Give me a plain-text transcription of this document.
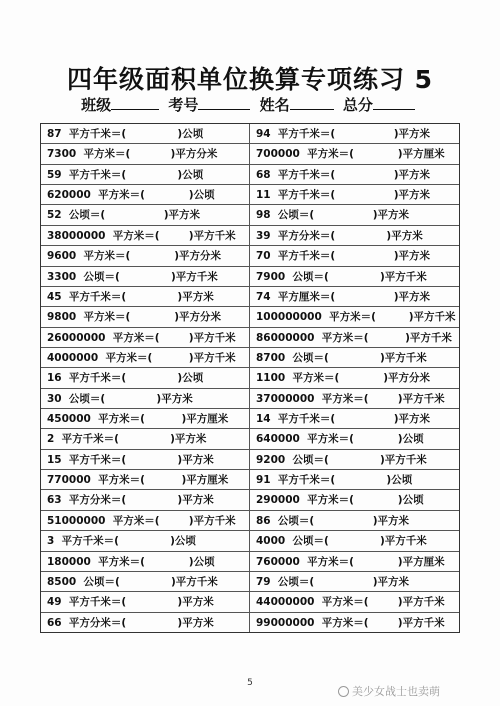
四年级面积单位换算专项练习 5
班级	考号	姓名	总分
87  平方千米＝(              )公顷	94  平方千米＝(                )平方米
7300  平方米＝(           )平方分米	700000  平方米＝(            )平方厘米
59  平方千米＝(              )公顷	68  平方千米＝(                )平方米
620000  平方米＝(            )公顷	11  平方千米＝(                )平方米
52  公顷＝(                )平方米	98  公顷＝(                )平方米
38000000  平方米＝(        )平方千米	39  平方分米＝(              )平方米
9600  平方米＝(            )平方分米	70  平方千米＝(                )平方米
3300  公顷＝(              )平方千米	7900  公顷＝(              )平方千米
45  平方千米＝(              )平方米	74  平方厘米＝(                )平方米
9800  平方米＝(            )平方分米	100000000  平方米＝(         )平方千米
26000000  平方米＝(        )平方千米	86000000  平方米＝(          )平方千米
4000000  平方米＝(          )平方千米	8700  公顷＝(              )平方千米
16  平方千米＝(              )公顷	1100  平方米＝(            )平方分米
30  公顷＝(              )平方米	37000000  平方米＝(        )平方千米
450000  平方米＝(          )平方厘米	14  平方千米＝(                )平方米
2  平方千米＝(              )平方米	640000  平方米＝(            )公顷
15  平方千米＝(              )平方米	9200  公顷＝(              )平方千米
770000  平方米＝(          )平方厘米	91  平方千米＝(              )公顷
63  平方分米＝(              )平方米	290000  平方米＝(            )公顷
51000000  平方米＝(        )平方千米	86  公顷＝(                )平方米
3  平方千米＝(              )公顷	4000  公顷＝(              )平方千米
180000  平方米＝(            )公顷	760000  平方米＝(            )平方厘米
8500  公顷＝(              )平方千米	79  公顷＝(                )平方米
49  平方千米＝(              )平方米	44000000  平方米＝(        )平方千米
66  平方分米＝(              )平方米	99000000  平方米＝(        )平方千米
5
美少女战士也卖萌
